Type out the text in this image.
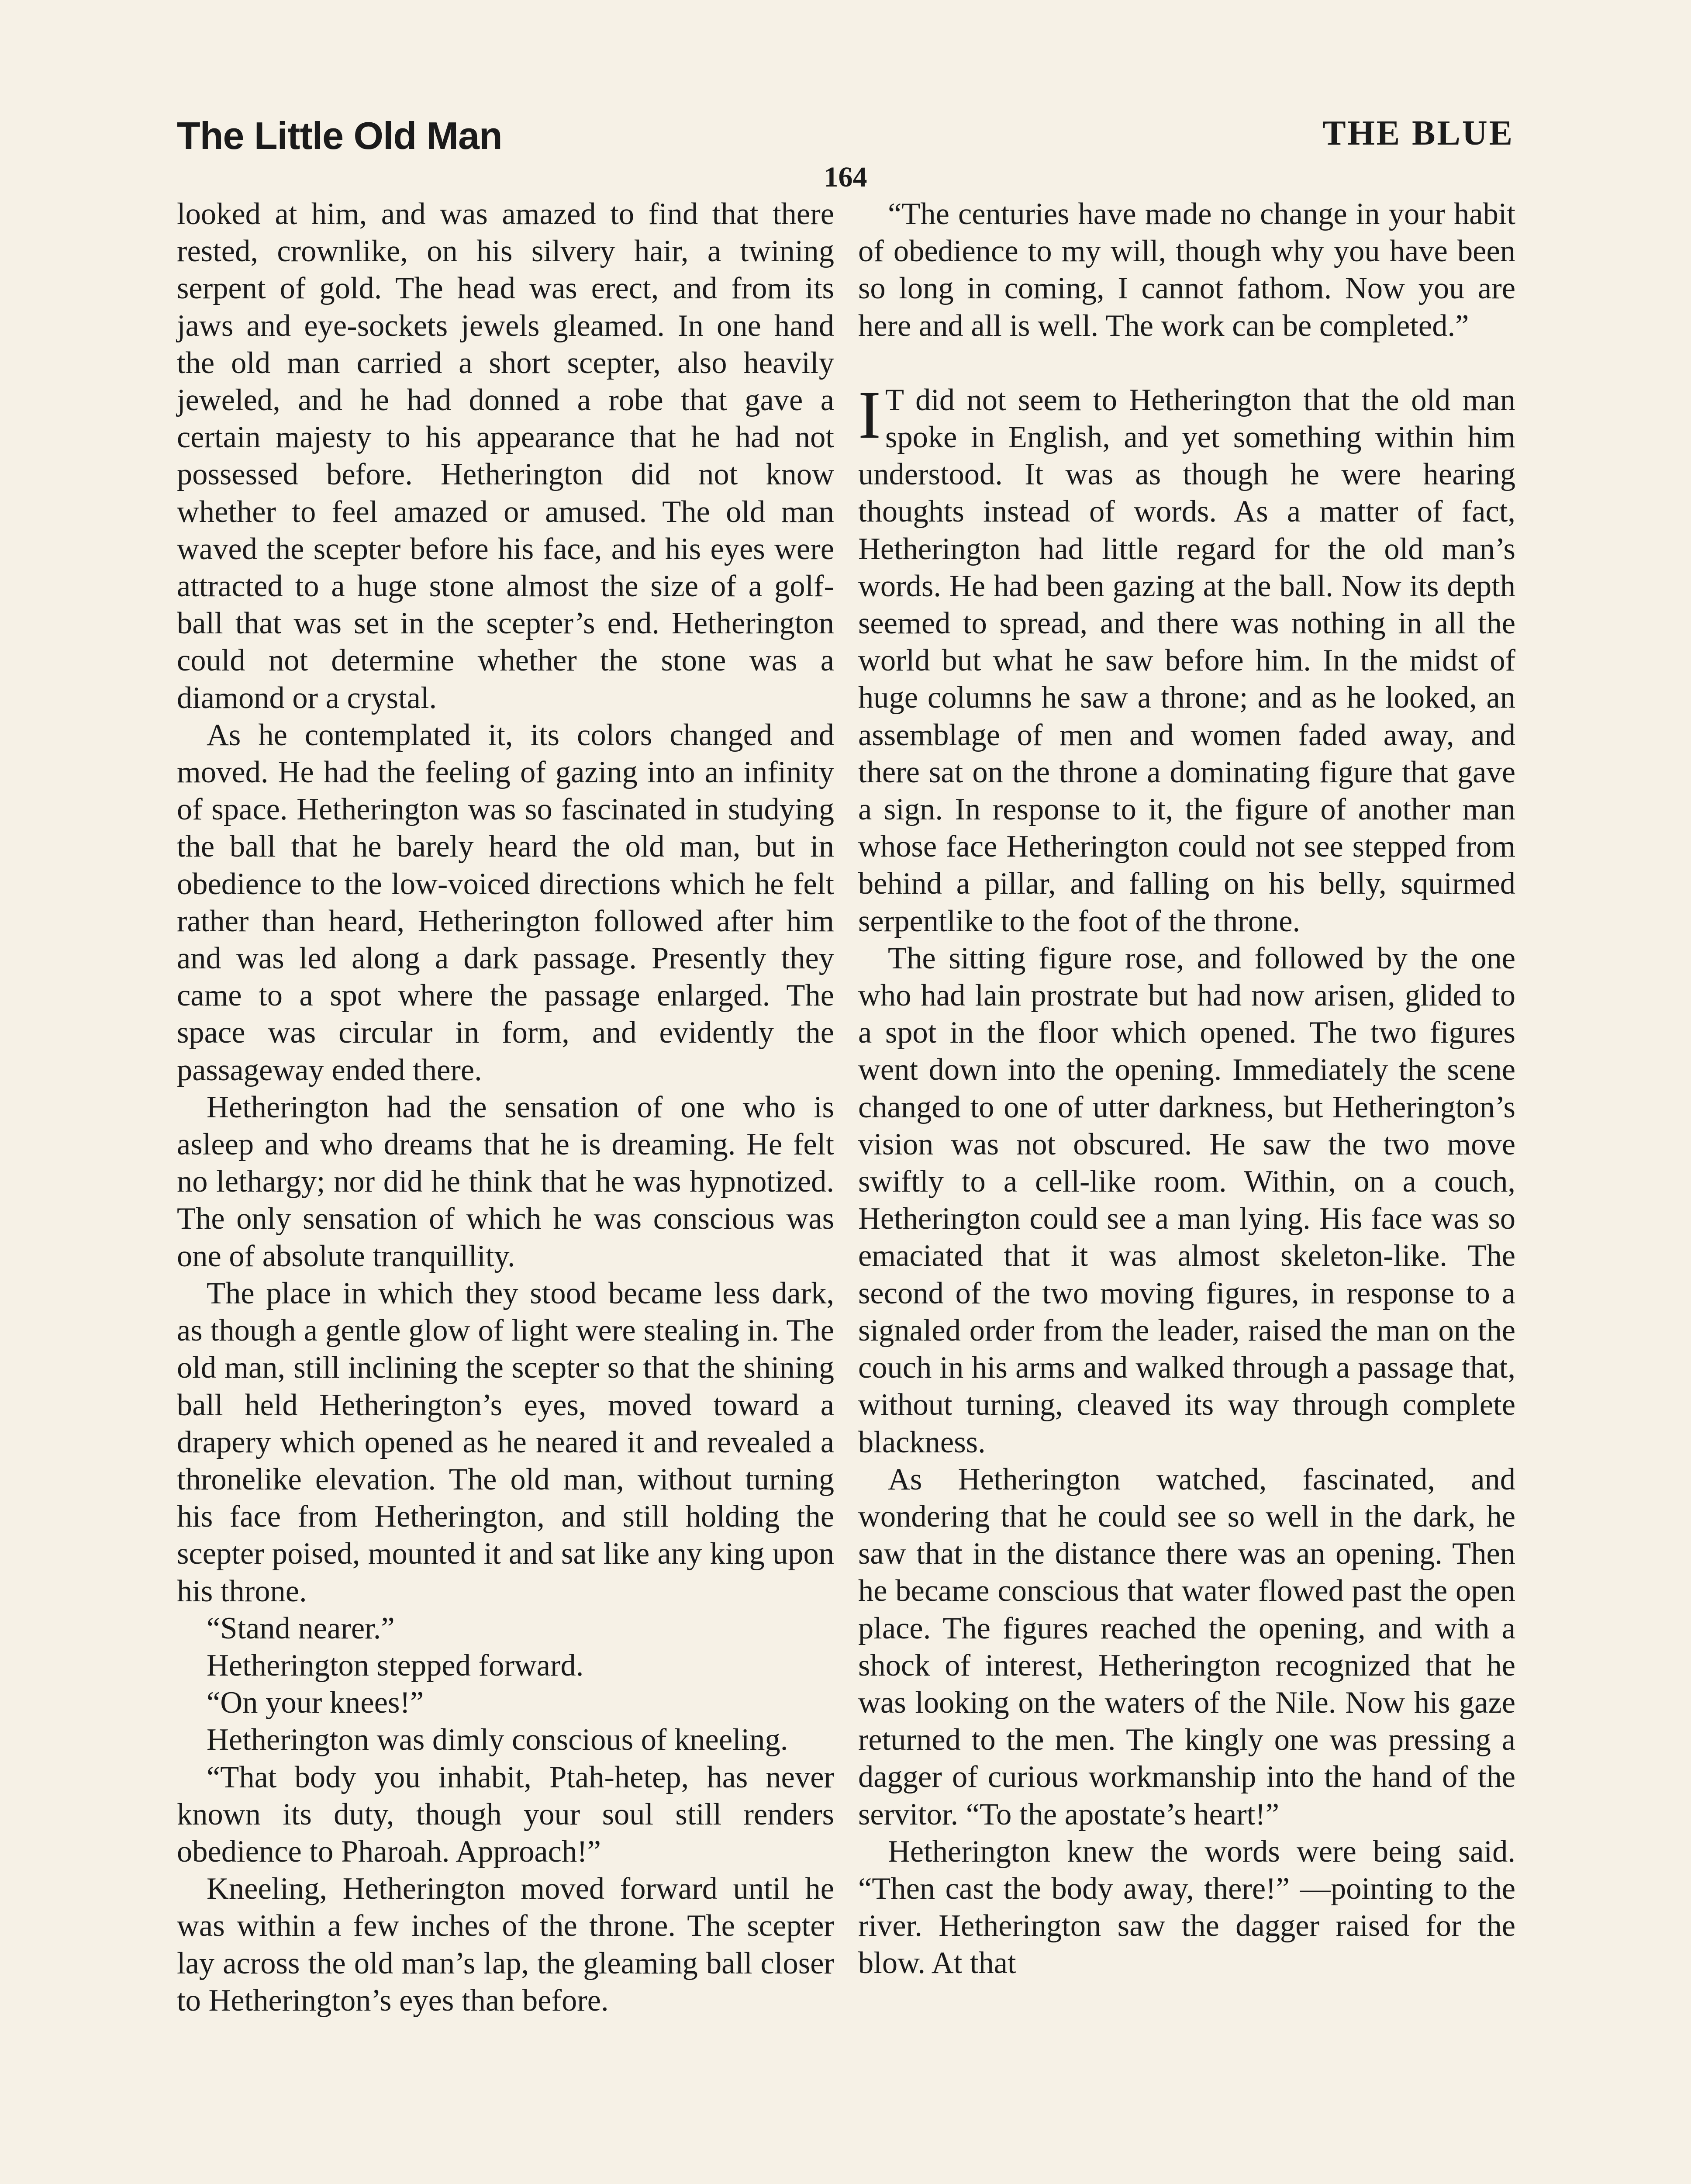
The Little Old Man	THE BLUE
164

looked at him, and was amazed to find that there rested, crownlike, on his silvery hair, a twining serpent of gold. The head was erect, and from its jaws and eye-sockets jewels gleamed. In one hand the old man carried a short scepter, also heavily jeweled, and he had donned a robe that gave a certain majesty to his appearance that he had not possessed before. Hetherington did not know whether to feel amazed or amused. The old man waved the scepter before his face, and his eyes were attracted to a huge stone almost the size of a golf-ball that was set in the scepter’s end. Hetherington could not determine whether the stone was a diamond or a crystal.

As he contemplated it, its colors changed and moved. He had the feeling of gazing into an infinity of space. Hetherington was so fascinated in studying the ball that he barely heard the old man, but in obedience to the low-voiced directions which he felt rather than heard, Hetherington followed after him and was led along a dark passage. Presently they came to a spot where the passage enlarged. The space was circular in form, and evidently the passageway ended there.

Hetherington had the sensation of one who is asleep and who dreams that he is dreaming. He felt no lethargy; nor did he think that he was hypnotized. The only sensation of which he was conscious was one of absolute tranquillity.

The place in which they stood became less dark, as though a gentle glow of light were stealing in. The old man, still inclining the scepter so that the shining ball held Hetherington’s eyes, moved toward a drapery which opened as he neared it and revealed a thronelike elevation. The old man, without turning his face from Hetherington, and still holding the scepter poised, mounted it and sat like any king upon his throne.

“Stand nearer.”

Hetherington stepped forward.

“On your knees!”

Hetherington was dimly conscious of kneeling.

“That body you inhabit, Ptah-hetep, has never known its duty, though your soul still renders obedience to Pharoah. Approach!”

Kneeling, Hetherington moved forward until he was within a few inches of the throne. The scepter lay across the old man’s lap, the gleaming ball closer to Hetherington’s eyes than before.

“The centuries have made no change in your habit of obedience to my will, though why you have been so long in coming, I cannot fathom. Now you are here and all is well. The work can be completed.”

I T did not seem to Hetherington that the old man spoke in English, and yet something within him understood. It was as though he were hearing thoughts instead of words. As a matter of fact, Hetherington had little regard for the old man’s words. He had been gazing at the ball. Now its depth seemed to spread, and there was nothing in all the world but what he saw before him. In the midst of huge columns he saw a throne; and as he looked, an assemblage of men and women faded away, and there sat on the throne a dominating figure that gave a sign. In response to it, the figure of another man whose face Hetherington could not see stepped from behind a pillar, and falling on his belly, squirmed serpentlike to the foot of the throne.

The sitting figure rose, and followed by the one who had lain prostrate but had now arisen, glided to a spot in the floor which opened. The two figures went down into the opening. Immediately the scene changed to one of utter darkness, but Hetherington’s vision was not obscured. He saw the two move swiftly to a cell-like room. Within, on a couch, Hetherington could see a man lying. His face was so emaciated that it was almost skeleton-like. The second of the two moving figures, in response to a signaled order from the leader, raised the man on the couch in his arms and walked through a passage that, without turning, cleaved its way through complete blackness.

As Hetherington watched, fascinated, and wondering that he could see so well in the dark, he saw that in the distance there was an opening. Then he became conscious that water flowed past the open place. The figures reached the opening, and with a shock of interest, Hetherington recognized that he was looking on the waters of the Nile. Now his gaze returned to the men. The kingly one was pressing a dagger of curious workmanship into the hand of the servitor. “To the apostate’s heart!”

Hetherington knew the words were being said. “Then cast the body away, there!” —pointing to the river. Hetherington saw the dagger raised for the blow. At that
